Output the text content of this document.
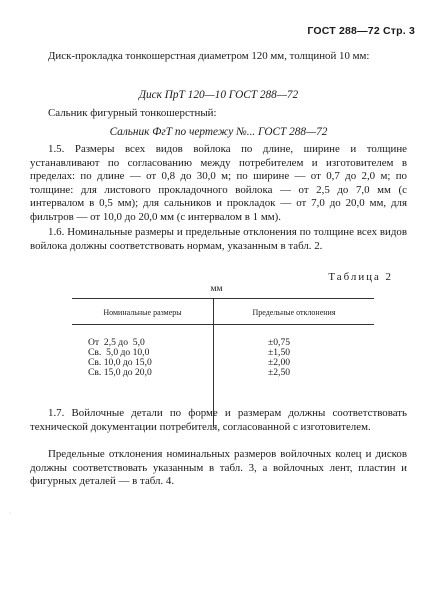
ГОСТ 288—72 Стр. 3
Диск-прокладка тонкошерстная диаметром 120 мм, толщиной 10 мм:
Диск ПрТ 120—10 ГОСТ 288—72
Сальник фигурный тонкошерстный:
Сальник ФгТ по чертежу №... ГОСТ 288—72
1.5. Размеры всех видов войлока по длине, ширине и толщине устанавливают по согласованию между потребителем и изготовителем в пределах: по длине — от 0,8 до 30,0 м; по ширине — от 0,7 до 2,0 м; по толщине: для листового прокладочного войлока — от 2,5 до 7,0 мм (с интервалом в 0,5 мм); для сальников и прокладок — от 7,0 до 20,0 мм, для фильтров — от 10,0 до 20,0 мм (с интервалом в 1 мм).
1.6. Номинальные размеры и предельные отклонения по толщине всех видов войлока должны соответствовать нормам, указанным в табл. 2.
Таблица 2
мм
Номинальные размеры	Предельные отклонения
От  2,5 до  5,0	±0,75
Св.  5,0 до 10,0	±1,50
Св. 10,0 до 15,0	±2,00
Св. 15,0 до 20,0	±2,50
1.7. Войлочные детали по форме и размерам должны соответствовать технической документации потребителя, согласованной с изготовителем.
Предельные отклонения номинальных размеров войлочных колец и дисков должны соответствовать указанным в табл. 3, а войлочных лент, пластин и фигурных деталей — в табл. 4.
·
